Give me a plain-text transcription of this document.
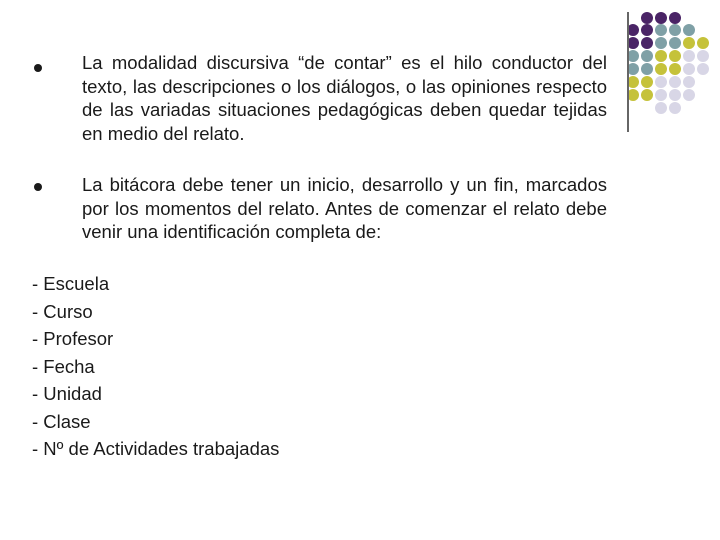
La modalidad discursiva “de contar” es el hilo conductor del texto, las descripciones o los diálogos, o las opiniones respecto de las variadas situaciones pedagógicas deben quedar tejidas en medio del relato.

La bitácora debe tener un inicio, desarrollo y un fin, marcados por los momentos del relato. Antes de comenzar el relato debe venir una identificación completa de:

- Escuela
- Curso
- Profesor
- Fecha
- Unidad
- Clase
- Nº de Actividades trabajadas
